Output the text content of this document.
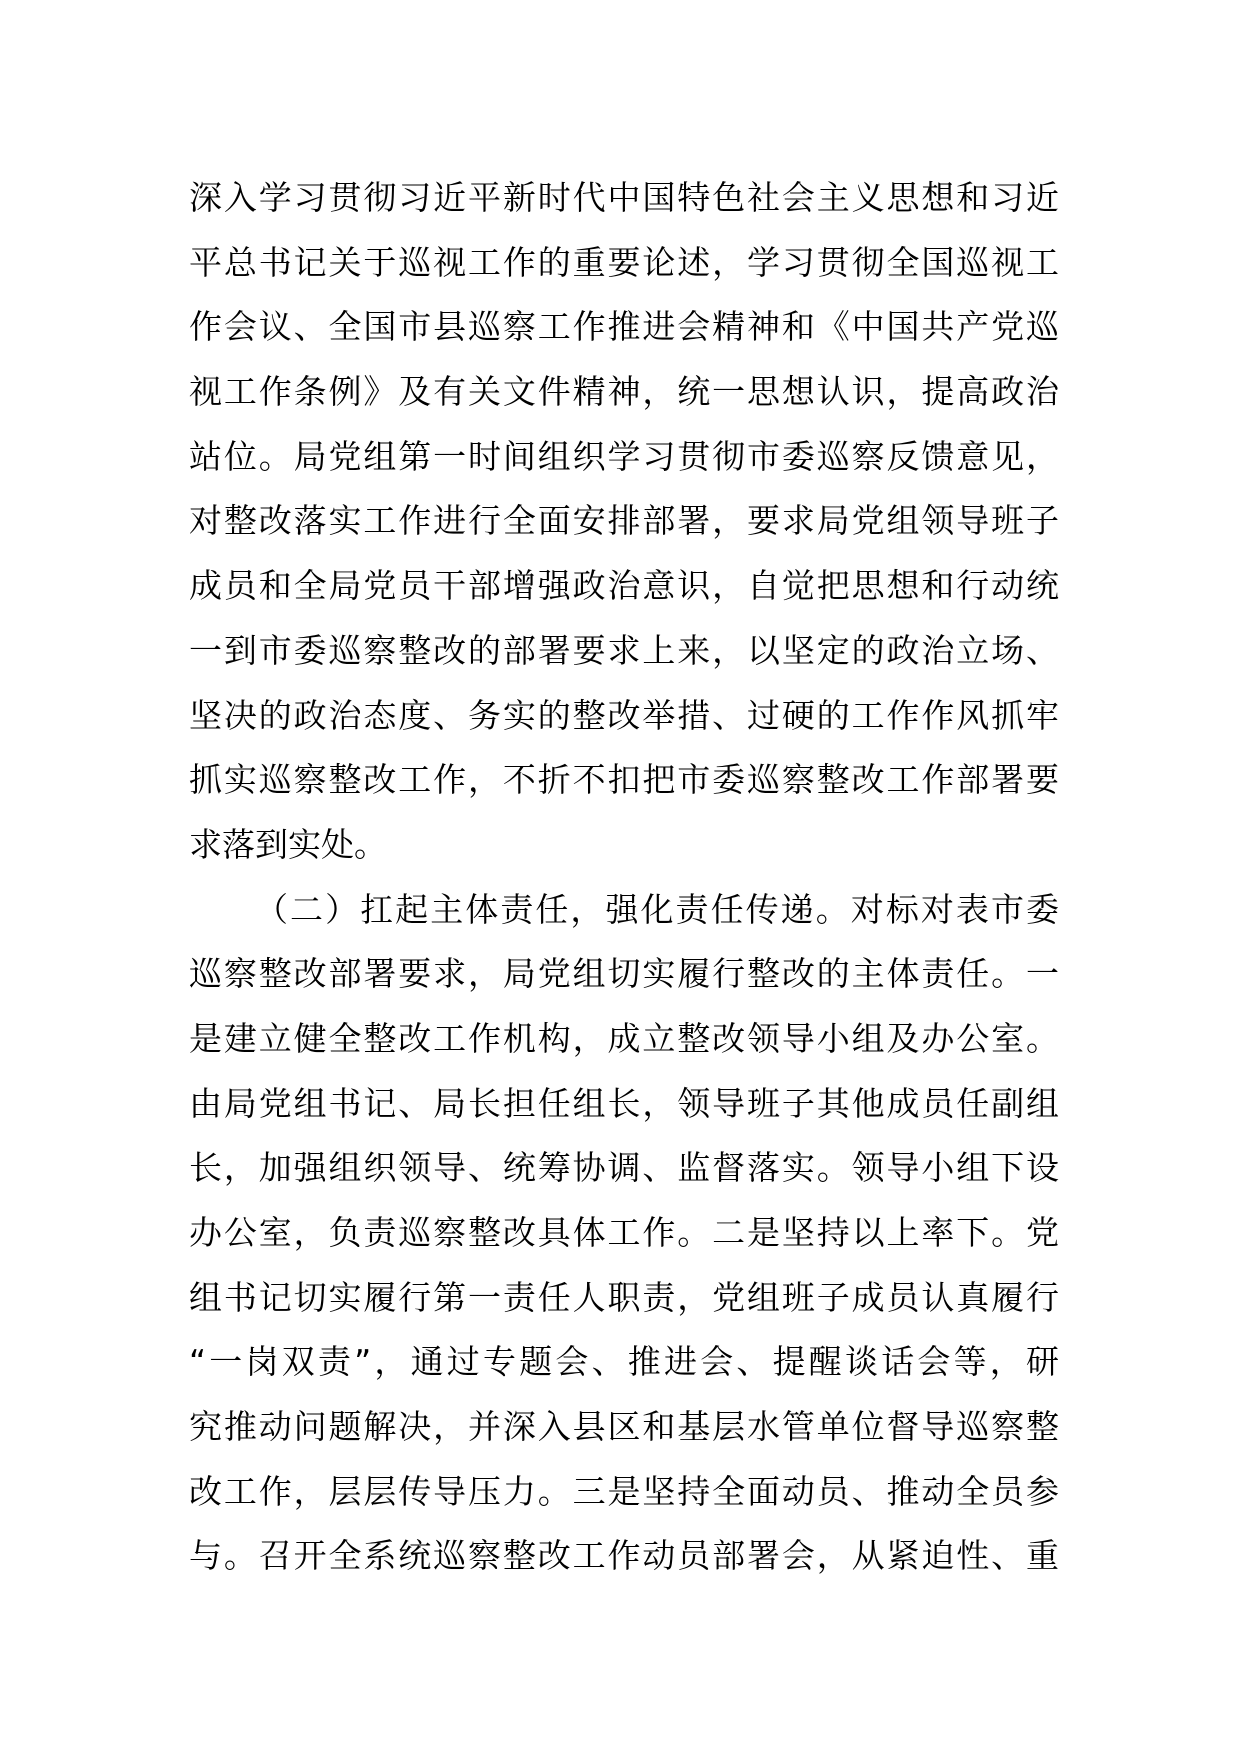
深入学习贯彻习近平新时代中国特色社会主义思想和习近
平总书记关于巡视工作的重要论述，学习贯彻全国巡视工
作会议、全国市县巡察工作推进会精神和《中国共产党巡
视工作条例》及有关文件精神，统一思想认识，提高政治
站位。局党组第一时间组织学习贯彻市委巡察反馈意见，
对整改落实工作进行全面安排部署，要求局党组领导班子
成员和全局党员干部增强政治意识，自觉把思想和行动统
一到市委巡察整改的部署要求上来，以坚定的政治立场、
坚决的政治态度、务实的整改举措、过硬的工作作风抓牢
抓实巡察整改工作，不折不扣把市委巡察整改工作部署要
求落到实处。
（二）扛起主体责任，强化责任传递。对标对表市委
巡察整改部署要求，局党组切实履行整改的主体责任。一
是建立健全整改工作机构，成立整改领导小组及办公室。
由局党组书记、局长担任组长，领导班子其他成员任副组
长，加强组织领导、统筹协调、监督落实。领导小组下设
办公室，负责巡察整改具体工作。二是坚持以上率下。党
组书记切实履行第一责任人职责，党组班子成员认真履行
“一岗双责”，通过专题会、推进会、提醒谈话会等，研
究推动问题解决，并深入县区和基层水管单位督导巡察整
改工作，层层传导压力。三是坚持全面动员、推动全员参
与。召开全系统巡察整改工作动员部署会，从紧迫性、重
